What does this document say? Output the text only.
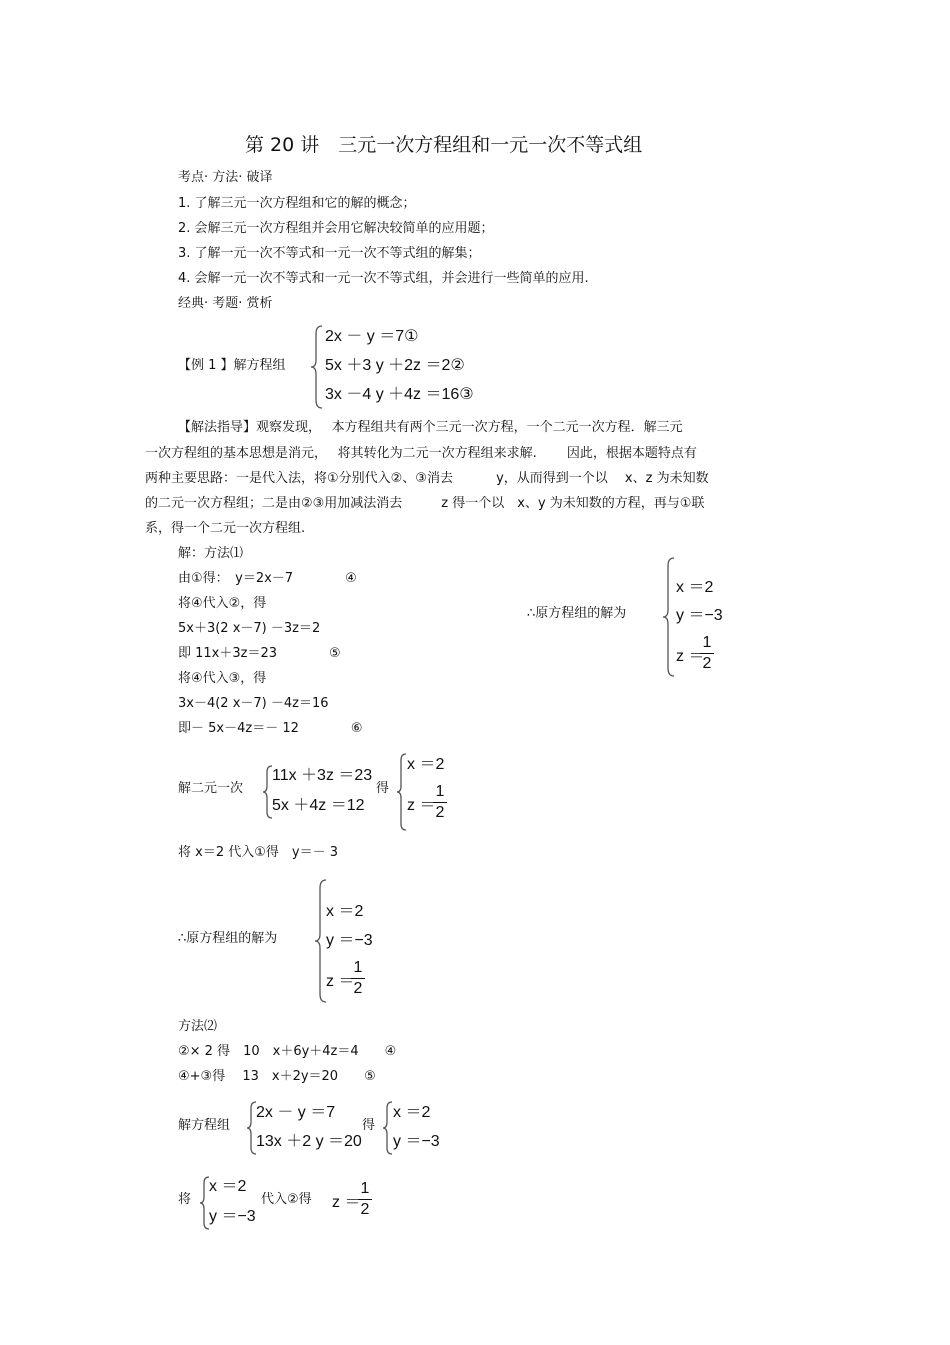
第 20 讲　三元一次方程组和一元一次不等式组
考点· 方法· 破译
1. 了解三元一次方程组和它的解的概念；
2. 会解三元一次方程组并会用它解决较简单的应用题；
3. 了解一元一次不等式和一元一次不等式组的解集；
4. 会解一元一次不等式和一元一次不等式组，并会进行一些简单的应用.
经典· 考题· 赏析
【例 1 】解方程组
2x － y ＝7①
5x ＋3 y ＋2z ＝2②
3x －4 y ＋4z ＝16③
【解法指导】观察发现，　 本方程组共有两个三元一次方程，一个二元一次方程．解三元
一次方程组的基本思想是消元，　 将其转化为二元一次方程组来求解.　　 因此，根据本题特点有
两种主要思路：一是代入法，将①分别代入②、③消去　　　 y，从而得到一个以　 x、z 为未知数
的二元一次方程组；二是由②③用加减法消去　　　z 得一个以　x、y 为未知数的方程，再与①联
系，得一个二元一次方程组.
解：方法⑴
由①得：　y＝2x－7　　　　④
将④代入②，得
5x＋3(2 x－7) －3z＝2
即 11x＋3z＝23　　　　⑤
将④代入③，得
3x－4(2 x－7) －4z＝16
即－ 5x－4z＝－ 12　　　　⑥
∴原方程组的解为
x ＝2
y ＝−3
z ＝
1
2
解二元一次
11x ＋3z ＝23
5x ＋4z ＝12
得
x ＝2
z ＝
1
2
将 x＝2 代入①得　y＝－ 3
∴原方程组的解为
x ＝2
y ＝−3
z ＝
1
2
方法⑵
②× 2 得　10　x＋6y＋4z＝4　　④
④+③得　 13　x＋2y＝20　　⑤
解方程组
2x － y ＝7
13x ＋2 y ＝20
得
x ＝2
y ＝−3
将
x ＝2
y ＝−3
代入②得 z ＝
1
2
